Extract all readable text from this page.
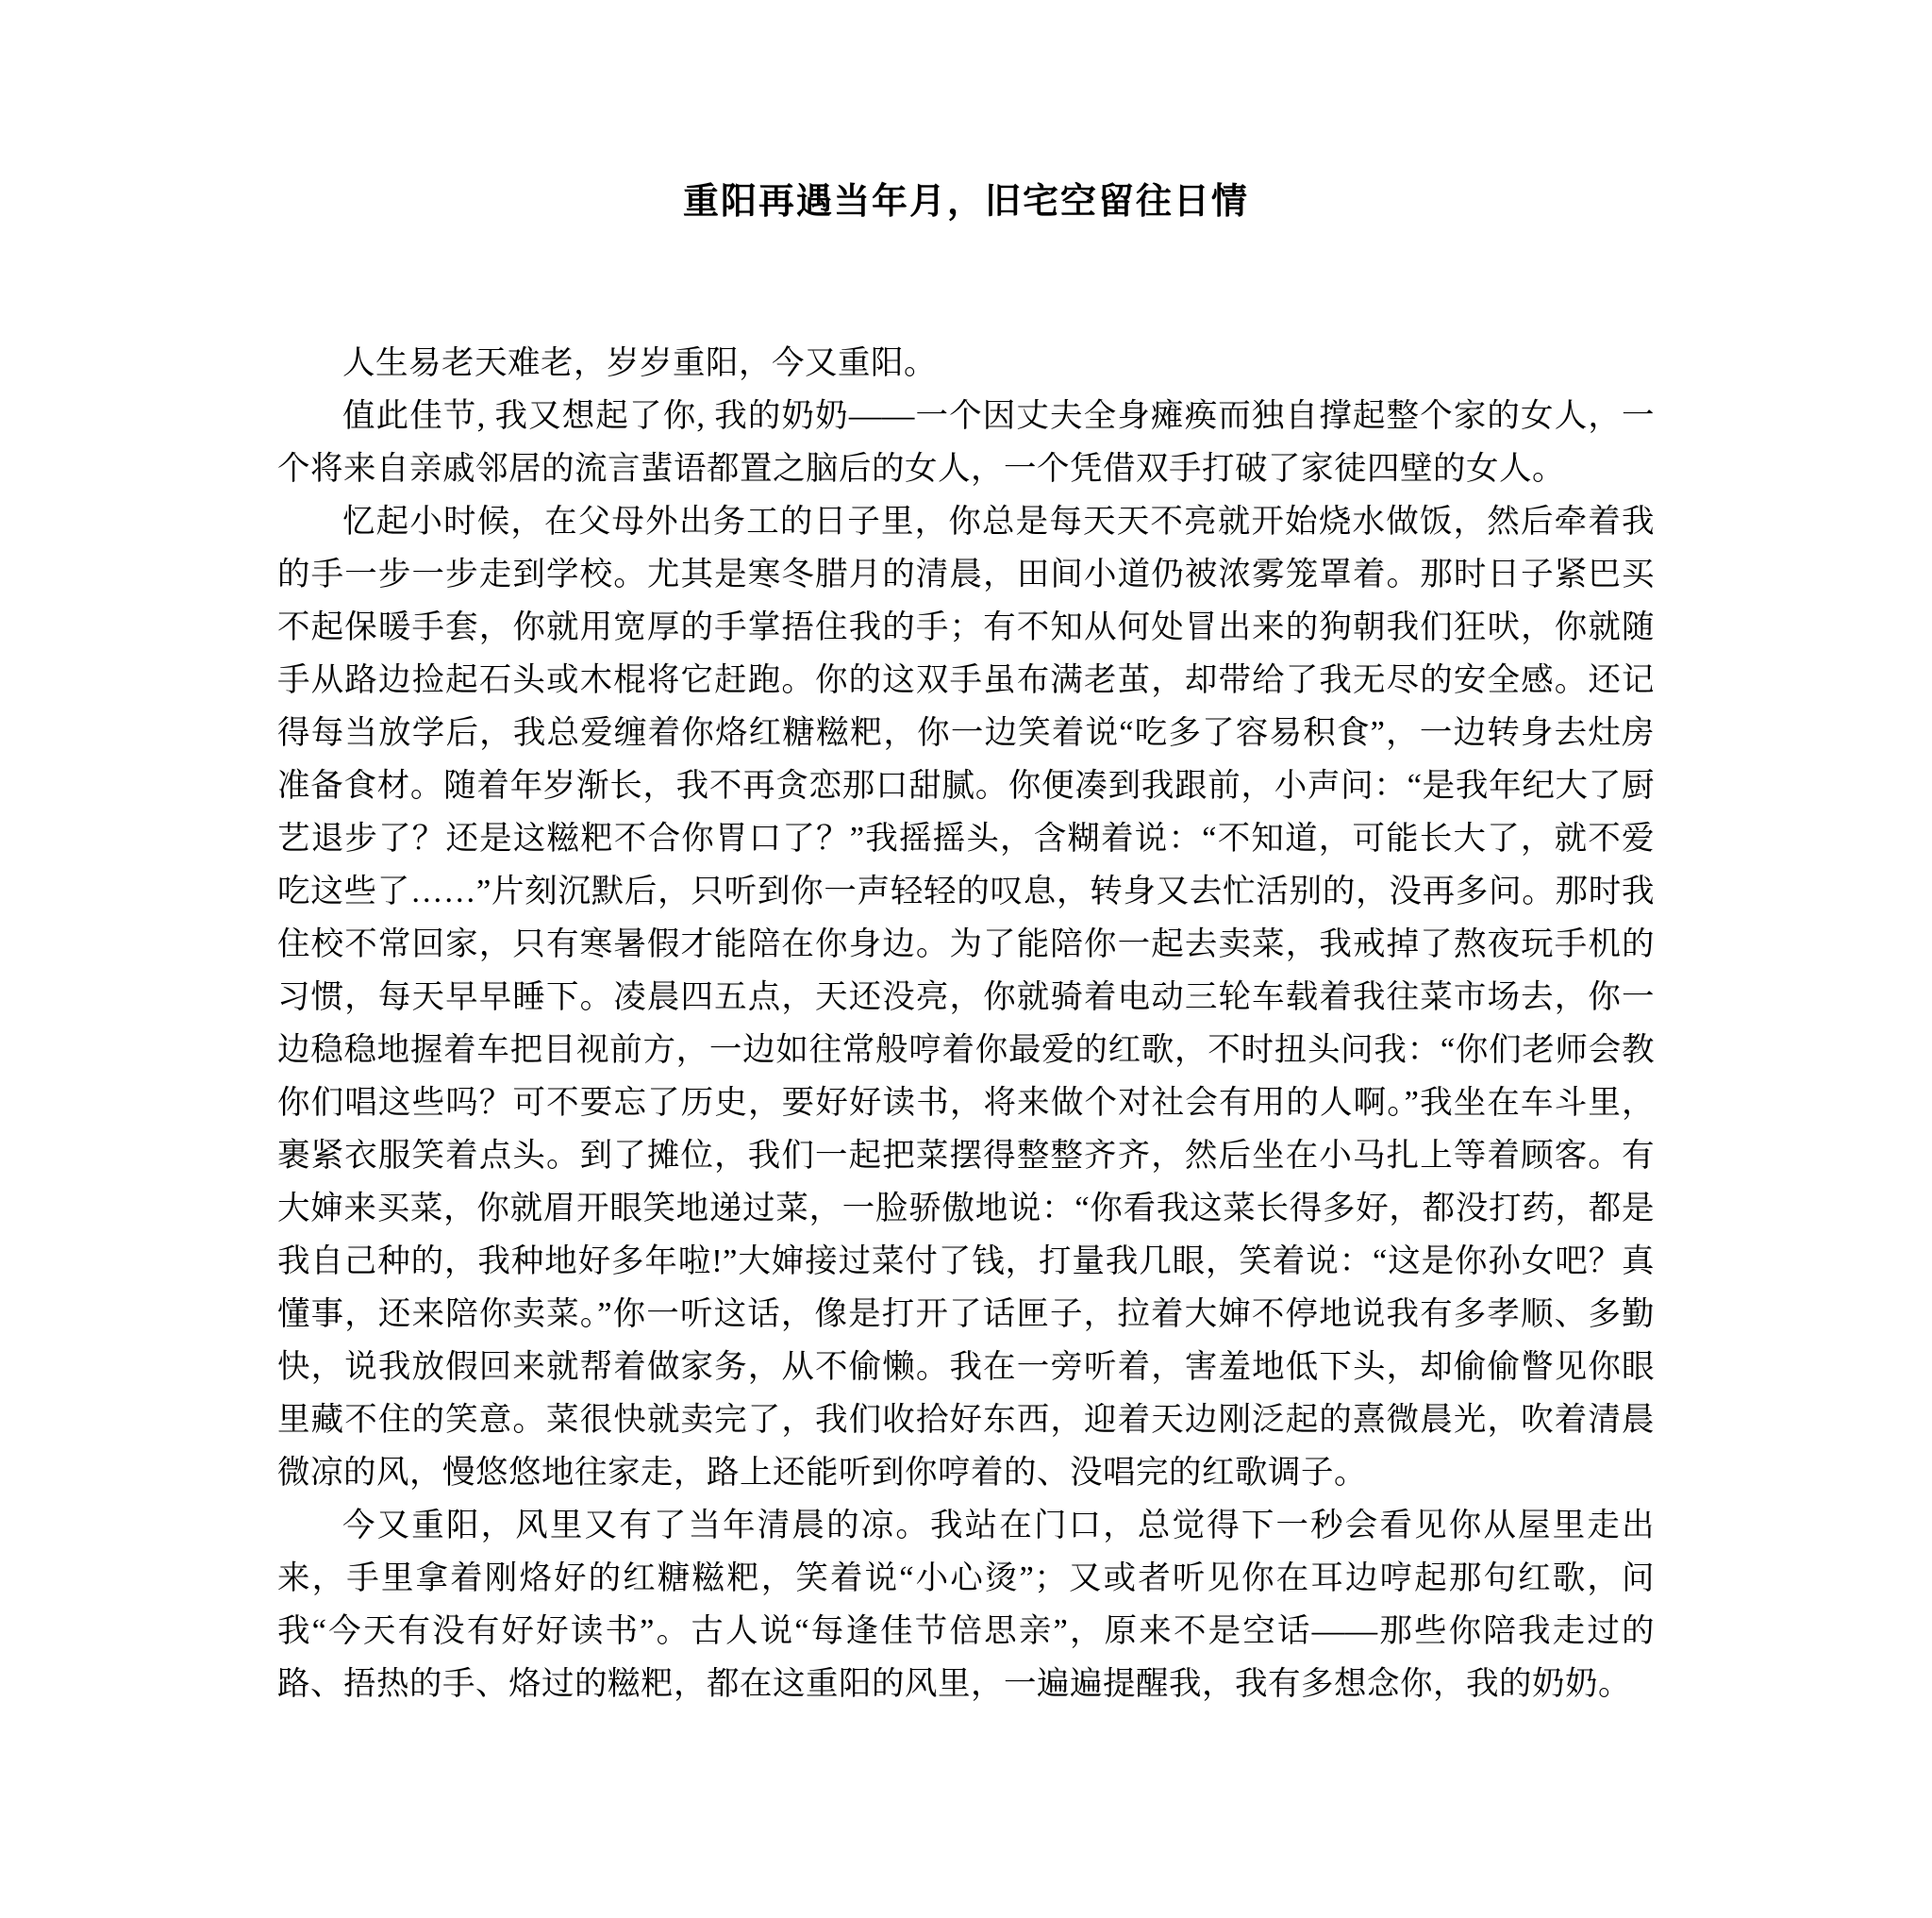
重阳再遇当年月，旧宅空留往日情

人生易老天难老，岁岁重阳，今又重阳。

值此佳节, 我又想起了你, 我的奶奶——一个因丈夫全身瘫痪而独自撑起整个家的女人，一个将来自亲戚邻居的流言蜚语都置之脑后的女人，一个凭借双手打破了家徒四壁的女人。

忆起小时候，在父母外出务工的日子里，你总是每天天不亮就开始烧水做饭，然后牵着我的手一步一步走到学校。尤其是寒冬腊月的清晨，田间小道仍被浓雾笼罩着。那时日子紧巴买不起保暖手套，你就用宽厚的手掌捂住我的手；有不知从何处冒出来的狗朝我们狂吠，你就随手从路边捡起石头或木棍将它赶跑。你的这双手虽布满老茧，却带给了我无尽的安全感。还记得每当放学后，我总爱缠着你烙红糖糍粑，你一边笑着说“吃多了容易积食”，一边转身去灶房准备食材。随着年岁渐长，我不再贪恋那口甜腻。你便凑到我跟前，小声问：“是我年纪大了厨艺退步了？还是这糍粑不合你胃口了？”我摇摇头，含糊着说：“不知道，可能长大了，就不爱吃这些了……”片刻沉默后，只听到你一声轻轻的叹息，转身又去忙活别的，没再多问。那时我住校不常回家，只有寒暑假才能陪在你身边。为了能陪你一起去卖菜，我戒掉了熬夜玩手机的习惯，每天早早睡下。凌晨四五点，天还没亮，你就骑着电动三轮车载着我往菜市场去，你一边稳稳地握着车把目视前方，一边如往常般哼着你最爱的红歌，不时扭头问我：“你们老师会教你们唱这些吗？可不要忘了历史，要好好读书，将来做个对社会有用的人啊。”我坐在车斗里，裹紧衣服笑着点头。到了摊位，我们一起把菜摆得整整齐齐，然后坐在小马扎上等着顾客。有大婶来买菜，你就眉开眼笑地递过菜，一脸骄傲地说：“你看我这菜长得多好，都没打药，都是我自己种的，我种地好多年啦!”大婶接过菜付了钱，打量我几眼，笑着说：“这是你孙女吧？真懂事，还来陪你卖菜。”你一听这话，像是打开了话匣子，拉着大婶不停地说我有多孝顺、多勤快，说我放假回来就帮着做家务，从不偷懒。我在一旁听着，害羞地低下头，却偷偷瞥见你眼里藏不住的笑意。菜很快就卖完了，我们收拾好东西，迎着天边刚泛起的熹微晨光，吹着清晨微凉的风，慢悠悠地往家走，路上还能听到你哼着的、没唱完的红歌调子。

今又重阳，风里又有了当年清晨的凉。我站在门口，总觉得下一秒会看见你从屋里走出来，手里拿着刚烙好的红糖糍粑，笑着说“小心烫”；又或者听见你在耳边哼起那句红歌，问我“今天有没有好好读书”。古人说“每逢佳节倍思亲”，原来不是空话——那些你陪我走过的路、捂热的手、烙过的糍粑，都在这重阳的风里，一遍遍提醒我，我有多想念你，我的奶奶。
